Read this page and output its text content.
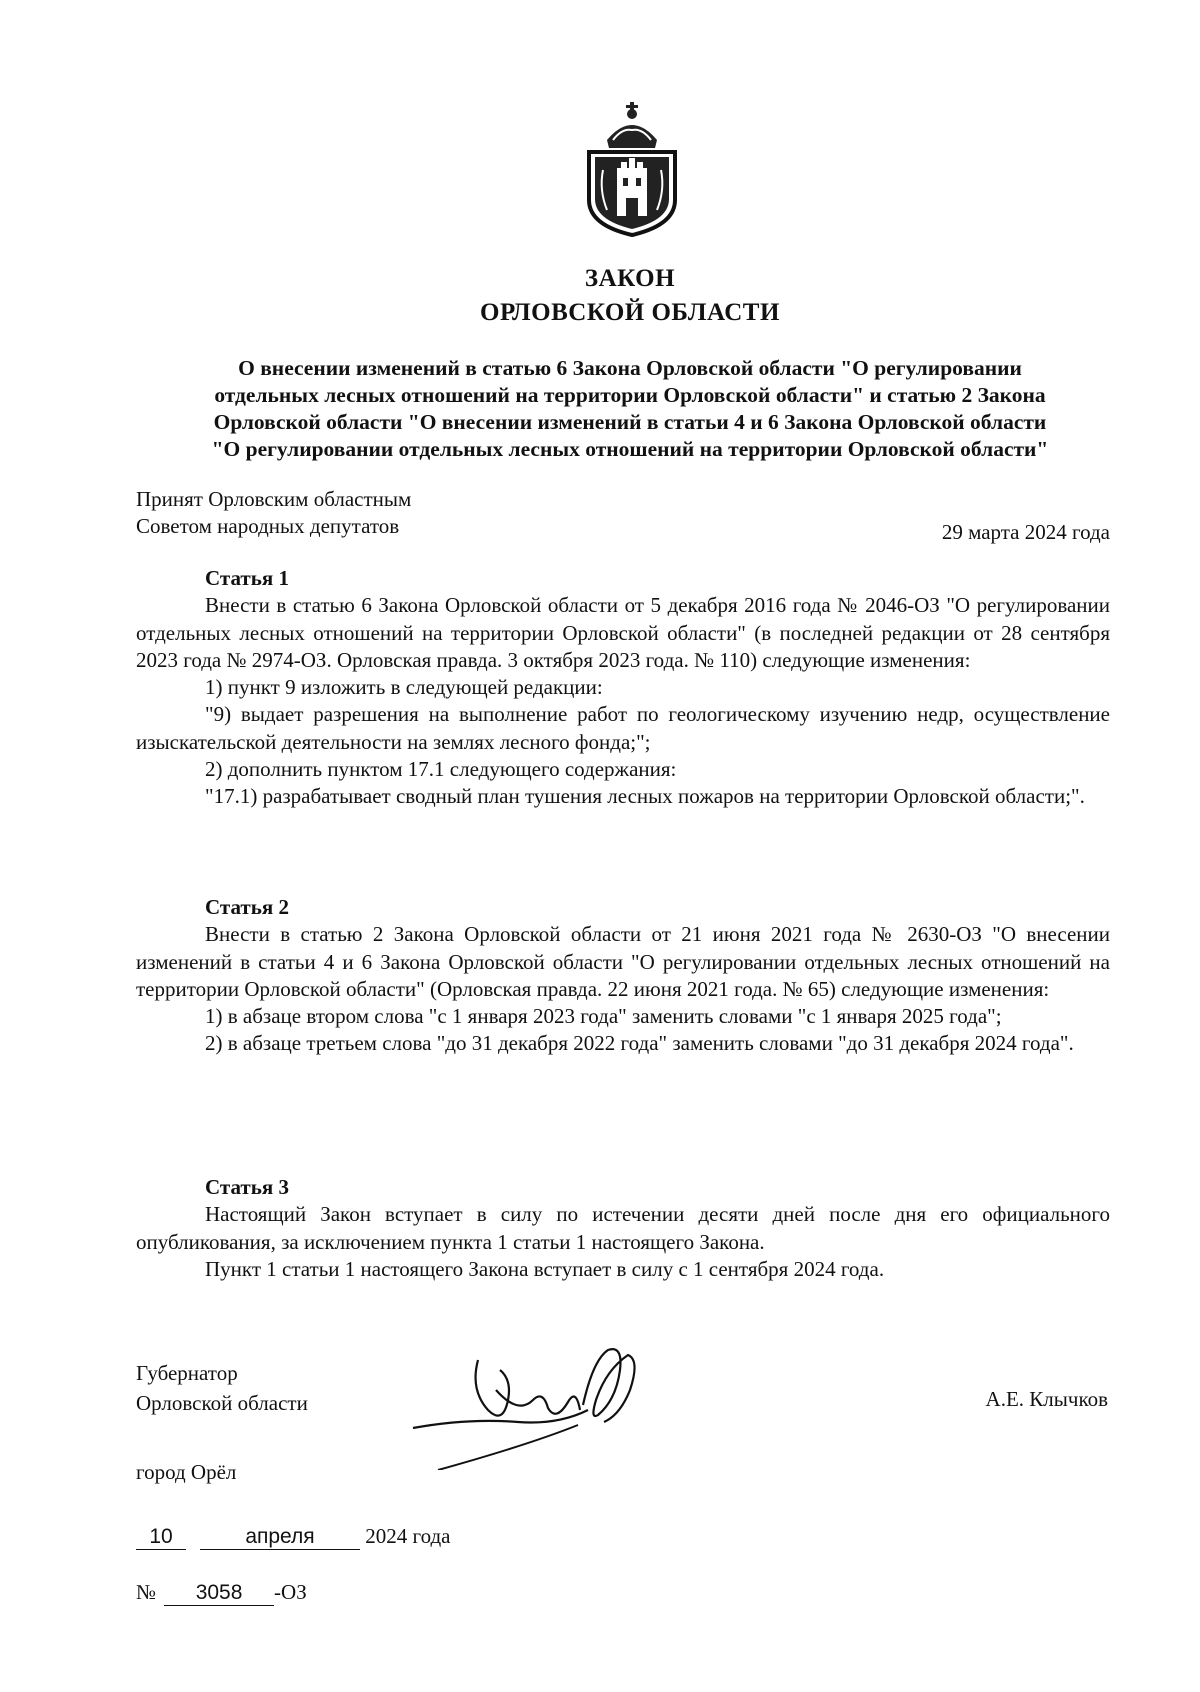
ЗАКОН
ОРЛОВСКОЙ ОБЛАСТИ
О внесении изменений в статью 6 Закона Орловской области "О регулировании
отдельных лесных отношений на территории Орловской области" и статью 2 Закона
Орловской области "О внесении изменений в статьи 4 и 6 Закона Орловской области
"О регулировании отдельных лесных отношений на территории Орловской области"
Принят Орловским областным
Советом народных депутатов	29 марта 2024 года

Статья 1

Внести в статью 6 Закона Орловской области от 5 декабря 2016 года № 2046-ОЗ "О регулировании отдельных лесных отношений на территории Орловской области" (в последней редакции от 28 сентября 2023 года № 2974-ОЗ. Орловская правда. 3 октября 2023 года. № 110) следующие изменения:

1) пункт 9 изложить в следующей редакции:

"9) выдает разрешения на выполнение работ по геологическому изучению недр, осуществление изыскательской деятельности на землях лесного фонда;";

2) дополнить пунктом 17.1 следующего содержания:

"17.1) разрабатывает сводный план тушения лесных пожаров на территории Орловской области;".

Статья 2

Внести в статью 2 Закона Орловской области от 21 июня 2021 года № 2630-ОЗ "О внесении изменений в статьи 4 и 6 Закона Орловской области "О регулировании отдельных лесных отношений на территории Орловской области" (Орловская правда. 22 июня 2021 года. № 65) следующие изменения:

1) в абзаце втором слова "с 1 января 2023 года" заменить словами "с 1 января 2025 года";

2) в абзаце третьем слова "до 31 декабря 2022 года" заменить словами "до 31 декабря 2024 года".

Статья 3

Настоящий Закон вступает в силу по истечении десяти дней после дня его официального опубликования, за исключением пункта 1 статьи 1 настоящего Закона.

Пункт 1 статьи 1 настоящего Закона вступает в силу с 1 сентября 2024 года.

Губернатор
Орловской области	А.Е. Клычков
город Орёл
10	апреля 2024 года
№ 3058 -ОЗ
